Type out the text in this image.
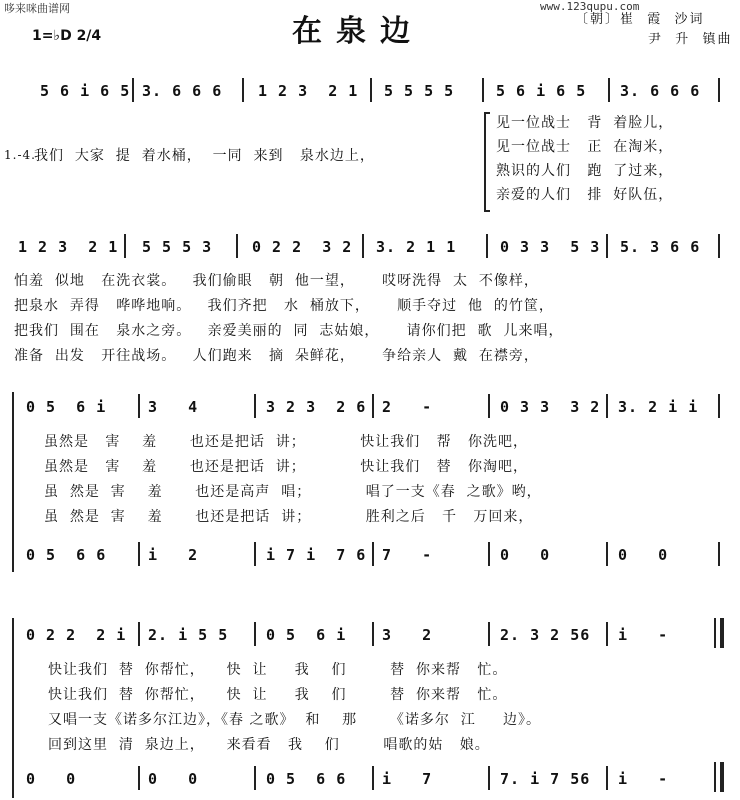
哆来咪曲谱网	www.123qupu.com
在泉边	〔朝〕崔  霞  沙词
尹  升  镇曲
1=♭D 2/4
5 6 i 6 5 3. 6 6 6 1 2 3  2 1 5 5 5 5	5 6 i 6 5 3. 6 6 6
1.-4.
我们  大家  提  着水桶，  一同  来到   泉水边上，
见一位战士   背  着脸儿，
见一位战士   正  在淘米，
熟识的人们   跑  了过来，
亲爱的人们   排  好队伍，
1 2 3  2 1 5 5 5 3	0 2 2  3 2 3. 2 1 1	0 3 3  5 3 5. 3 6 6
怕羞  似地   在洗衣裳。   我们偷眼   朝  他一望，     哎呀洗得  太  不像样，
把泉水  弄得   哗哗地响。   我们齐把   水  桶放下，     顺手夺过  他  的竹筐，
把我们  围在   泉水之旁。   亲爱美丽的  同  志姑娘，     请你们把  歌  儿来唱，
准备  出发   开往战场。   人们跑来   摘  朵鲜花，     争给亲人  戴  在襟旁，
0 5  6 i	3   4	3 2 3  2 6 2   -	0 3 3  3 2 3. 2 i i
虽然是   害    羞      也还是把话  讲；          快让我们   帮   你洗吧，
虽然是   害    羞      也还是把话  讲；          快让我们   替   你淘吧，
虽  然是  害    羞      也还是高声  唱；          唱了一支《春  之歌》哟，
虽  然是  害    羞      也还是把话  讲；          胜利之后   千   万回来，
0 5  6 6	i   2	i 7 i  7 6 7   -	0   0	0   0
0 2 2  2 i 2. i 5 5	0 5  6 i 3   2	2. 3 2 56 i   -
快让我们  替  你帮忙，    快  让     我    们        替  你来帮   忙。
快让我们  替  你帮忙，    快  让     我    们        替  你来帮   忙。
又唱一支《诺多尔江边》，《春 之歌》  和    那      《诺多尔  江     边》。
回到这里  清  泉边上，    来看看   我    们        唱歌的姑   娘。
0   0	0   0	0 5  6 6 i   7	7. i 7 56 i   -
